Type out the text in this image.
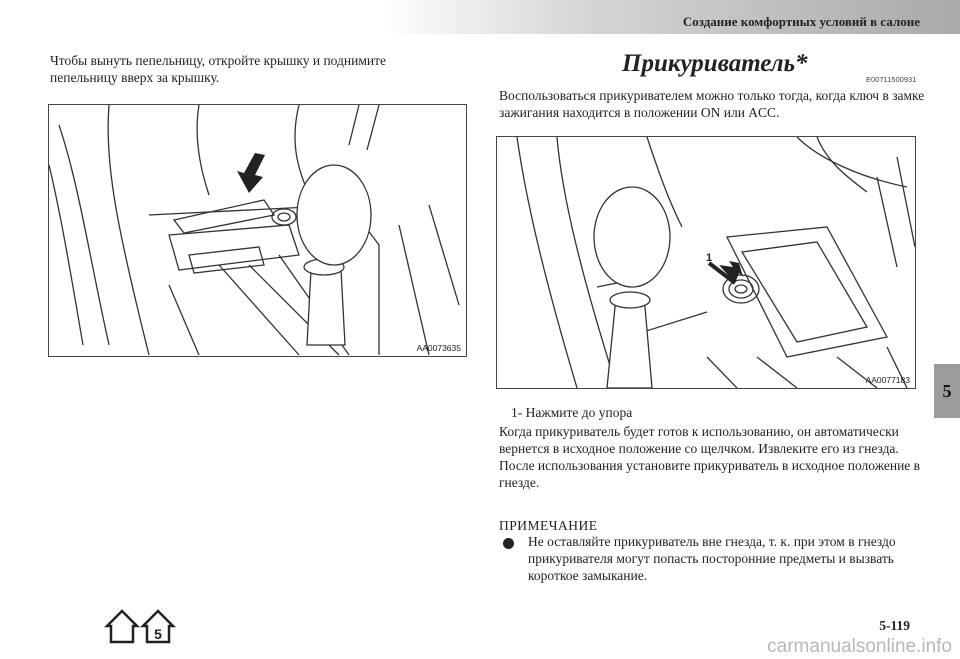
Создание комфортных условий в салоне
Чтобы вынуть пепельницу, откройте крышку и поднимите пепельницу вверх за крышку.
AA0073635
Прикуриватель*
E00711500931
Воспользоваться прикуривателем можно только тогда, когда ключ в замке зажигания находится в положении ON или ACC.
1
AA0077183
1- Нажмите до упора
Когда прикуриватель будет готов к использованию, он автоматически вернется в исходное положение со щелчком. Извлеките его из гнезда. После использования установите прикуриватель в исходное положение в гнезде.
ПРИМЕЧАНИЕ
Не оставляйте прикуриватель вне гнезда, т. к. при этом в гнездо прикуривателя могут попасть посторонние предметы и вызвать короткое замыкание.
5
5
5-119
carmanualsonline.info
